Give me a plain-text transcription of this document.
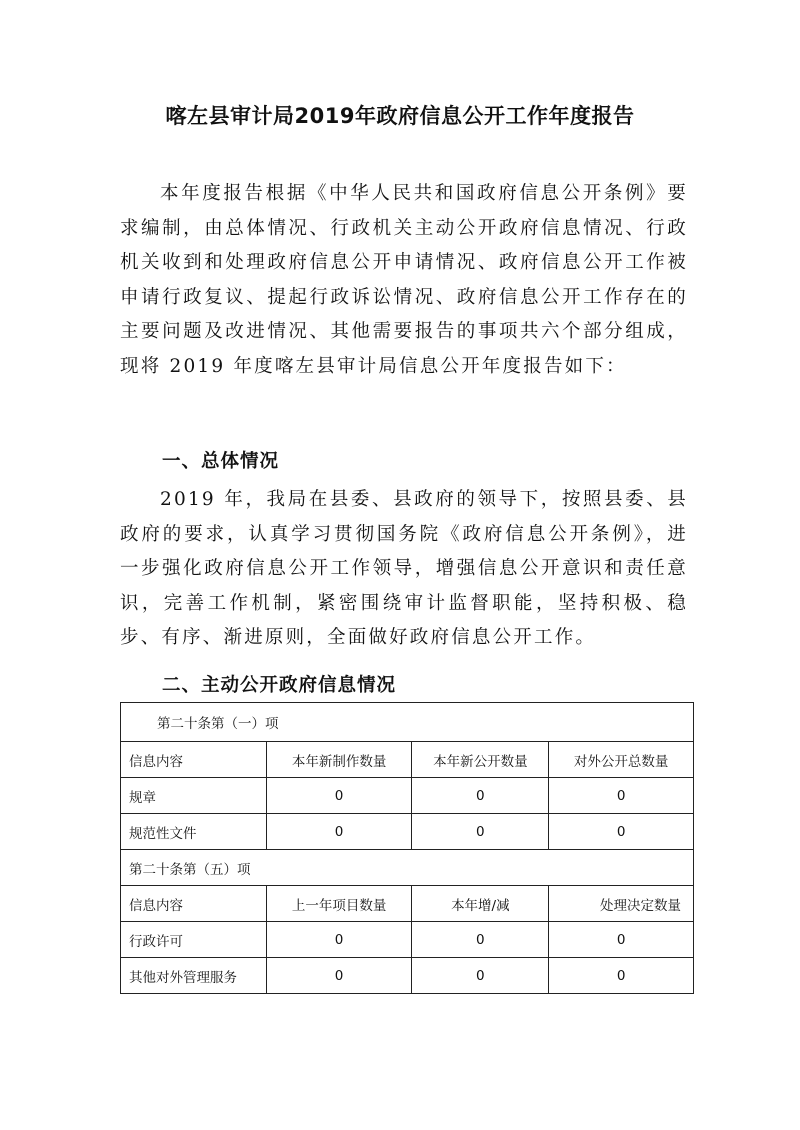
喀左县审计局2019年政府信息公开工作年度报告

本年度报告根据《中华人民共和国政府信息公开条例》要求编制，由总体情况、行政机关主动公开政府信息情况、行政机关收到和处理政府信息公开申请情况、政府信息公开工作被申请行政复议、提起行政诉讼情况、政府信息公开工作存在的主要问题及改进情况、其他需要报告的事项共六个部分组成，现将 2019 年度喀左县审计局信息公开年度报告如下：

一、总体情况

2019 年，我局在县委、县政府的领导下，按照县委、县政府的要求，认真学习贯彻国务院《政府信息公开条例》，进一步强化政府信息公开工作领导，增强信息公开意识和责任意识，完善工作机制，紧密围绕审计监督职能，坚持积极、稳步、有序、渐进原则，全面做好政府信息公开工作。

二、主动公开政府信息情况
第二十条第（一）项			
信息内容	本年新制作数量	本年新公开数量	对外公开总数量
规章	0	0	0
规范性文件	0	0	0
第二十条第（五）项			
信息内容	上一年项目数量	本年增/减	处理决定数量
行政许可	0	0	0
其他对外管理服务	0	0	0
